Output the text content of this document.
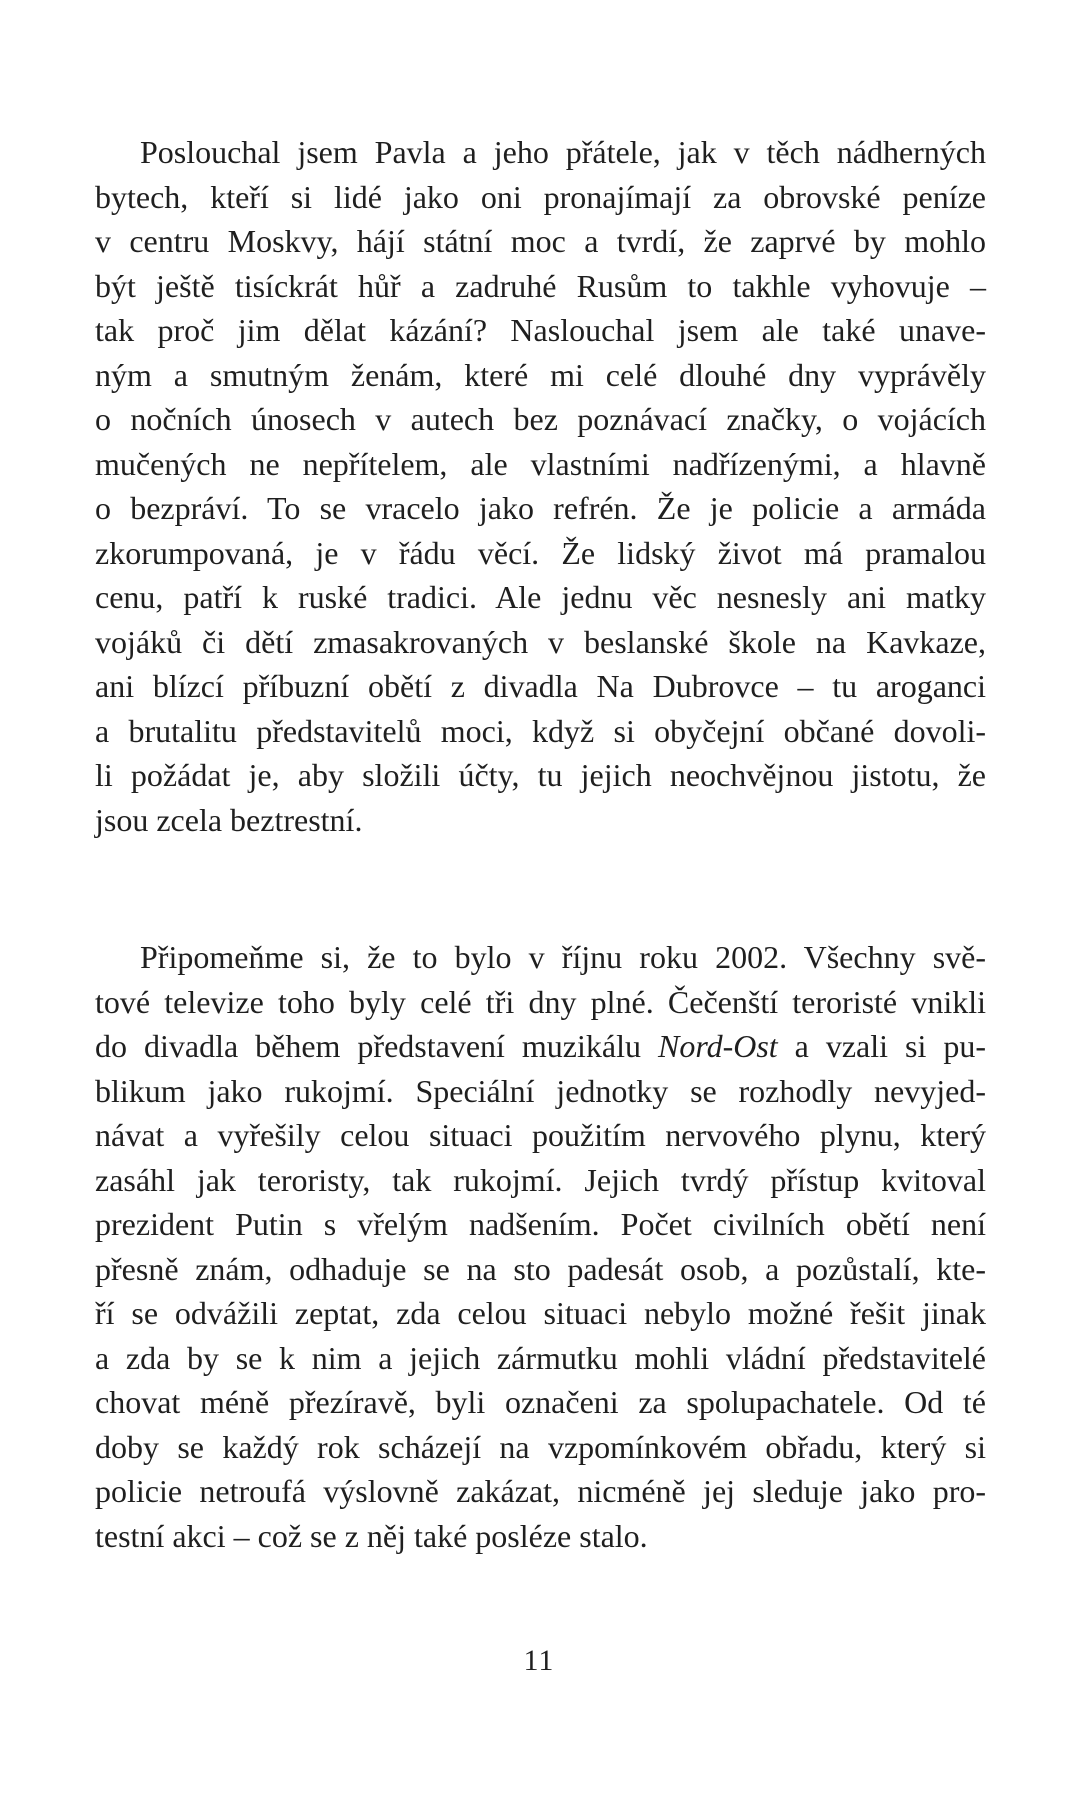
Poslouchal jsem Pavla a jeho přátele, jak v těch nádherných
bytech, kteří si lidé jako oni pronajímají za obrovské peníze
v centru Moskvy, hájí státní moc a tvrdí, že zaprvé by mohlo
být ještě tisíckrát hůř a zadruhé Rusům to takhle vyhovuje –
tak proč jim dělat kázání? Naslouchal jsem ale také unave-
ným a smutným ženám, které mi celé dlouhé dny vyprávěly
o nočních únosech v autech bez poznávací značky, o vojácích
mučených ne nepřítelem, ale vlastními nadřízenými, a hlavně
o bezpráví. To se vracelo jako refrén. Že je policie a armáda
zkorumpovaná, je v řádu věcí. Že lidský život má pramalou
cenu, patří k ruské tradici. Ale jednu věc nesnesly ani matky
vojáků či dětí zmasakrovaných v beslanské škole na Kavkaze,
ani blízcí příbuzní obětí z divadla Na Dubrovce – tu aroganci
a brutalitu představitelů moci, když si obyčejní občané dovoli-
li požádat je, aby složili účty, tu jejich neochvějnou jistotu, že
jsou zcela beztrestní.
Připomeňme si, že to bylo v říjnu roku 2002. Všechny svě-
tové televize toho byly celé tři dny plné. Čečenští teroristé vnikli
do divadla během představení muzikálu Nord-Ost a vzali si pu-
blikum jako rukojmí. Speciální jednotky se rozhodly nevyjed-
návat a vyřešily celou situaci použitím nervového plynu, který
zasáhl jak teroristy, tak rukojmí. Jejich tvrdý přístup kvitoval
prezident Putin s vřelým nadšením. Počet civilních obětí není
přesně znám, odhaduje se na sto padesát osob, a pozůstalí, kte-
ří se odvážili zeptat, zda celou situaci nebylo možné řešit jinak
a zda by se k nim a jejich zármutku mohli vládní představitelé
chovat méně přezíravě, byli označeni za spolupachatele. Od té
doby se každý rok scházejí na vzpomínkovém obřadu, který si
policie netroufá výslovně zakázat, nicméně jej sleduje jako pro-
testní akci – což se z něj také posléze stalo.
11
